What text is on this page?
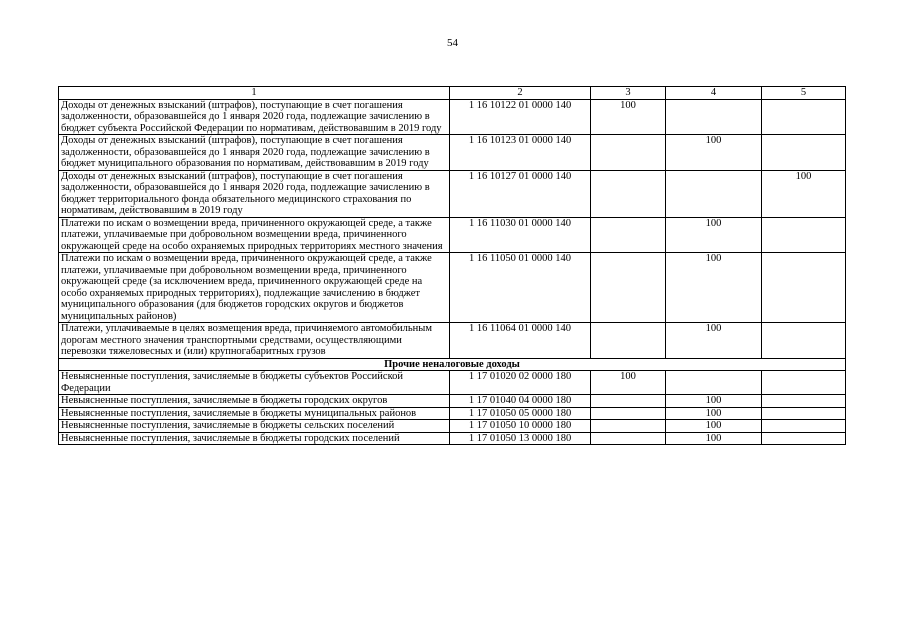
54
1	2	3	4	5
Доходы от денежных взысканий (штрафов), поступающие в счет погашения задолженности, образовавшейся до 1 января 2020 года, подлежащие зачислению в бюджет субъекта Российской Федерации по нормативам, действовавшим в 2019 году	1 16 10122 01 0000 140	100		
Доходы от денежных взысканий (штрафов), поступающие в счет погашения задолженности, образовавшейся до 1 января 2020 года, подлежащие зачислению в бюджет муниципального образования по нормативам, действовавшим в 2019 году	1 16 10123 01 0000 140		100	
Доходы от денежных взысканий (штрафов), поступающие в счет погашения задолженности, образовавшейся до 1 января 2020 года, подлежащие зачислению в бюджет территориального фонда обязательного медицинского страхования по нормативам, действовавшим в 2019 году	1 16 10127 01 0000 140			100
Платежи по искам о возмещении вреда, причиненного окружающей среде, а также платежи, уплачиваемые при добровольном возмещении вреда, причиненного окружающей среде на особо охраняемых природных территориях местного значения	1 16 11030 01 0000 140		100	
Платежи по искам о возмещении вреда, причиненного окружающей среде, а также платежи, уплачиваемые при добровольном возмещении вреда, причиненного окружающей среде (за исключением вреда, причиненного окружающей среде на особо охраняемых природных территориях), подлежащие зачислению в бюджет муниципального образования (для бюджетов городских округов и бюджетов муниципальных районов)	1 16 11050 01 0000 140		100	
Платежи, уплачиваемые в целях возмещения вреда, причиняемого автомобильным дорогам местного значения транспортными средствами, осуществляющими перевозки тяжеловесных и (или) крупногабаритных грузов	1 16 11064 01 0000 140		100	
Прочие неналоговые доходы				
Невыясненные поступления, зачисляемые в бюджеты субъектов Российской Федерации	1 17 01020 02 0000 180	100		
Невыясненные поступления, зачисляемые в бюджеты городских округов	1 17 01040 04 0000 180		100	
Невыясненные поступления, зачисляемые в бюджеты муниципальных районов	1 17 01050 05 0000 180		100	
Невыясненные поступления, зачисляемые в бюджеты сельских поселений	1 17 01050 10 0000 180		100	
Невыясненные поступления, зачисляемые в бюджеты городских поселений	1 17 01050 13 0000 180		100	
